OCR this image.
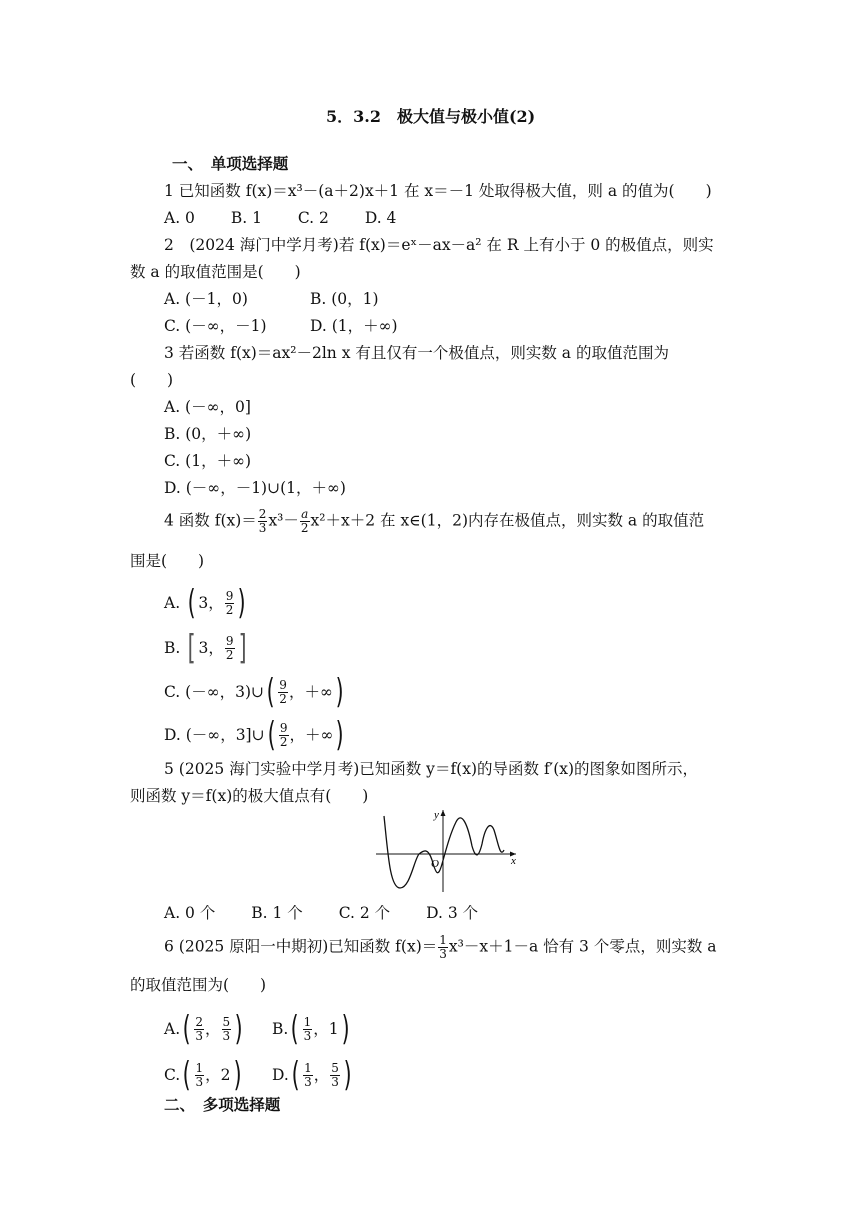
5．3.2　极大值与极小值(2)
一、　单项选择题
1 已知函数 f(x)＝x³－(a＋2)x＋1 在 x＝－1 处取得极大值，则 a 的值为(　　)
A. 0　　 B. 1　　 C. 2　　 D. 4
2　(2024 海门中学月考)若 f(x)＝eˣ－ax－a² 在 R 上有小于 0 的极值点，则实
数 a 的取值范围是(　　)
A. (－1，0)	B. (0，1)
C. (－∞，－1)	D. (1，＋∞)
3 若函数 f(x)＝ax²－2ln x 有且仅有一个极值点，则实数 a 的取值范围为
(　　)
A. (－∞，0]
B. (0，＋∞)
C. (1，＋∞)
D. (－∞，－1)∪(1，＋∞)
4 函数 $f(x)= \frac{2}{3} x^3- \frac{a}{2} x^2+x+2$ 在 x∈(1，2)内存在极值点，则实数 a 的取值范
围是(　　)
A. ( 3， $\frac{9}{2}$ )
B. [ 3， $\frac{9}{2}$ ]
C. (－∞，3)∪( $\frac{9}{2}$ ，＋∞)
D. (－∞，3]∪( $\frac{9}{2}$ ，＋∞)
5 (2025 海门实验中学月考)已知函数 y＝f(x)的导函数 f′(x)的图象如图所示，
则函数 y＝f(x)的极大值点有(　　)
y
x
O
A. 0 个　　 B. 1 个　　 C. 2 个　　 D. 3 个
6 (2025 原阳一中期初)已知函数 $f(x)= \frac{1}{3} x^3-x+1-a$ 恰有 3 个零点，则实数 a
的取值范围为(　　)
$A.( \frac{2}{3}$ ， $\frac{5}{3}$ ) $B.( \frac{1}{3}$ ，1)
$C.( \frac{1}{3}$ ，2) $D.( \frac{1}{3}$ ， $\frac{5}{3}$ )
二、　多项选择题
